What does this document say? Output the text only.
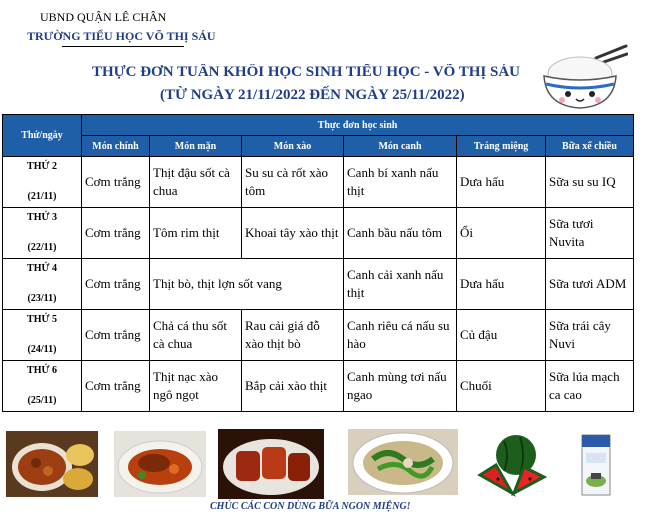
UBND QUẬN LÊ CHÂN
TRƯỜNG TIỂU HỌC VÕ THỊ SÁU
THỰC ĐƠN TUẦN KHỐI HỌC SINH TIỂU HỌC - VÕ THỊ SÁU
(TỪ NGÀY 21/11/2022 ĐẾN NGÀY 25/11/2022)
Thứ/ngày	Thực đơn học sinh					
	Món chính	Món mặn	Món xào	Món canh	Tráng miệng	Bữa xế chiều

THỨ 2
(21/11)	Cơm trắng	Thịt đậu sốt cà chua	Su su cà rốt xào tôm	Canh bí xanh nấu thịt	Dưa hấu	Sữa su su IQ

THỨ 3
(22/11)	Cơm trắng	Tôm rim thịt	Khoai tây xào thịt	Canh bầu nấu tôm	Ổi	Sữa tươi Nuvita

THỨ 4
(23/11)	Cơm trắng	Thịt bò, thịt lợn sốt vang		Canh cải xanh nấu thịt	Dưa hấu	Sữa tươi ADM

THỨ 5
(24/11)	Cơm trắng	Chả cá thu sốt cà chua	Rau cải giá đỗ xào thịt bò	Canh riêu cá nấu su hào	Củ đậu	Sữa trái cây Nuvi

THỨ 6
(25/11)	Cơm trắng	Thịt nạc xào ngô ngọt	Bắp cải xào thịt	Canh mùng tơi nấu ngao	Chuối	Sữa lúa mạch ca cao
CHÚC CÁC CON DÙNG BỮA NGON MIỆNG!
